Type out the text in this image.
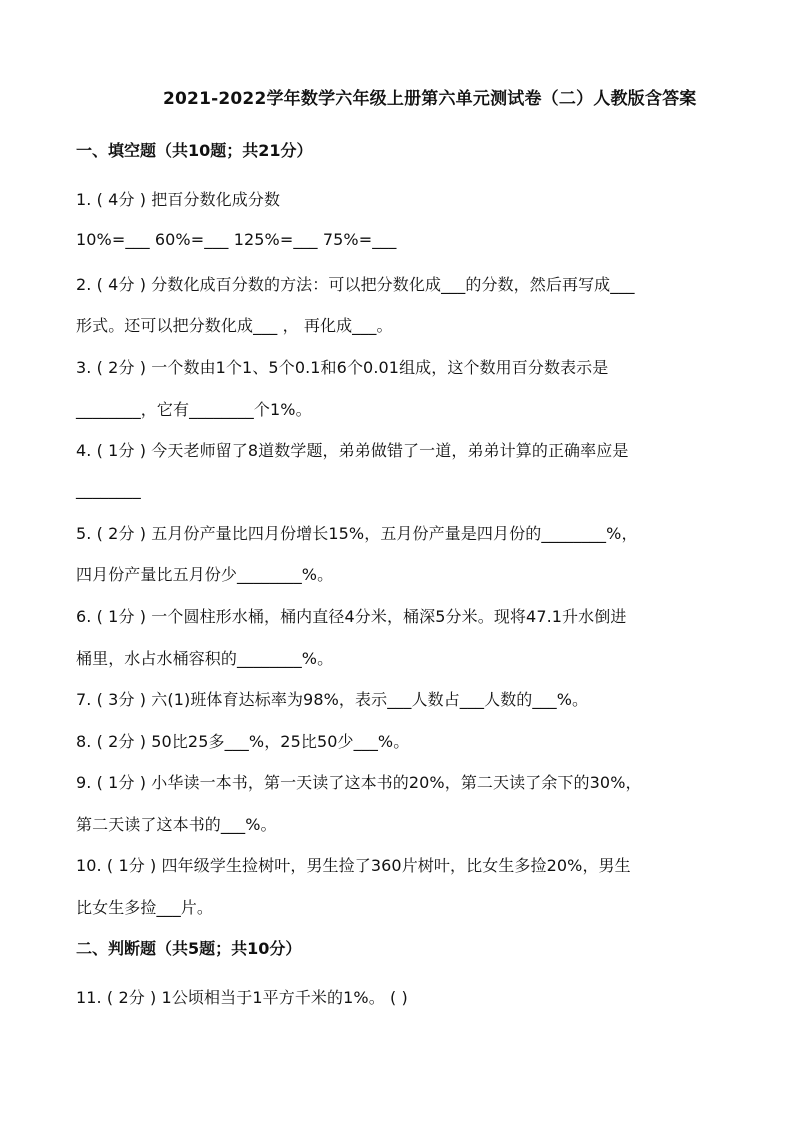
2021-2022学年数学六年级上册第六单元测试卷（二）人教版含答案
一、填空题（共10题；共21分）
1. ( 4分 ) 把百分数化成分数
10%=___ 60%=___ 125%=___ 75%=___
2. ( 4分 ) 分数化成百分数的方法：可以把分数化成___的分数，然后再写成___
形式。还可以把分数化成___ ， 再化成___。
3. ( 2分 ) 一个数由1个1、5个0.1和6个0.01组成，这个数用百分数表示是
________，它有________个1%。
4. ( 1分 ) 今天老师留了8道数学题，弟弟做错了一道，弟弟计算的正确率应是
________
5. ( 2分 ) 五月份产量比四月份增长15%，五月份产量是四月份的________%，
四月份产量比五月份少________%。
6. ( 1分 ) 一个圆柱形水桶，桶内直径4分米，桶深5分米。现将47.1升水倒进
桶里，水占水桶容积的________%。
7. ( 3分 ) 六(1)班体育达标率为98%，表示___人数占___人数的___%。
8. ( 2分 ) 50比25多___%，25比50少___%。
9. ( 1分 ) 小华读一本书，第一天读了这本书的20%，第二天读了余下的30%，
第二天读了这本书的___%。
10. ( 1分 ) 四年级学生捡树叶，男生捡了360片树叶，比女生多捡20%，男生
比女生多捡___片。
二、判断题（共5题；共10分）
11. ( 2分 ) 1公顷相当于1平方千米的1%。 ( )
